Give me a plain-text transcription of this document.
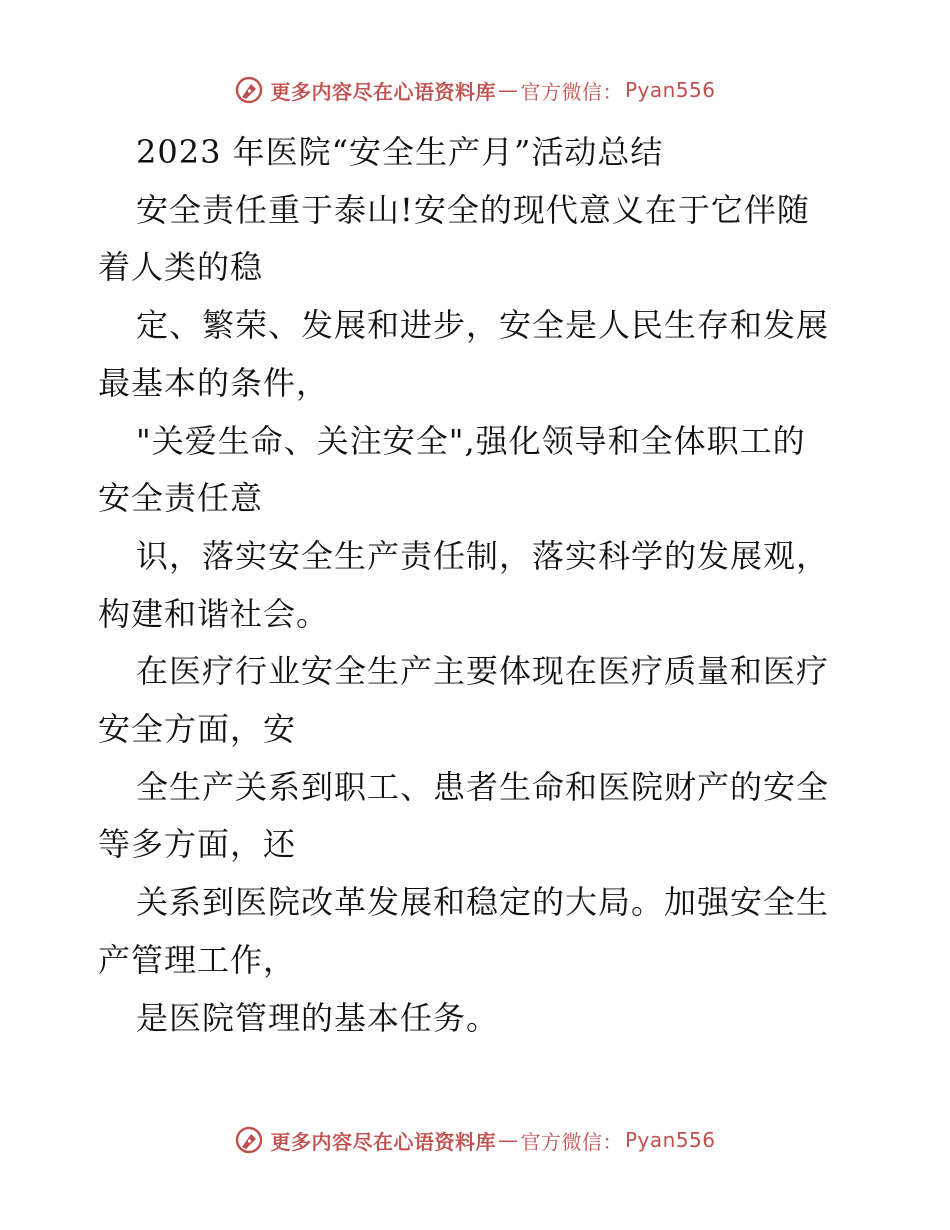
更多内容尽在心语资料库 — 官方微信： Pyan556

2023 年医院“安全生产月”活动总结

安全责任重于泰山!安全的现代意义在于它伴随

着人类的稳

定、繁荣、发展和进步，安全是人民生存和发展

最基本的条件，

"关爱生命、关注安全",强化领导和全体职工的

安全责任意

识，落实安全生产责任制，落实科学的发展观，

构建和谐社会。

在医疗行业安全生产主要体现在医疗质量和医疗

安全方面，安

全生产关系到职工、患者生命和医院财产的安全

等多方面，还

关系到医院改革发展和稳定的大局。加强安全生

产管理工作，

是医院管理的基本任务。

更多内容尽在心语资料库 — 官方微信： Pyan556
